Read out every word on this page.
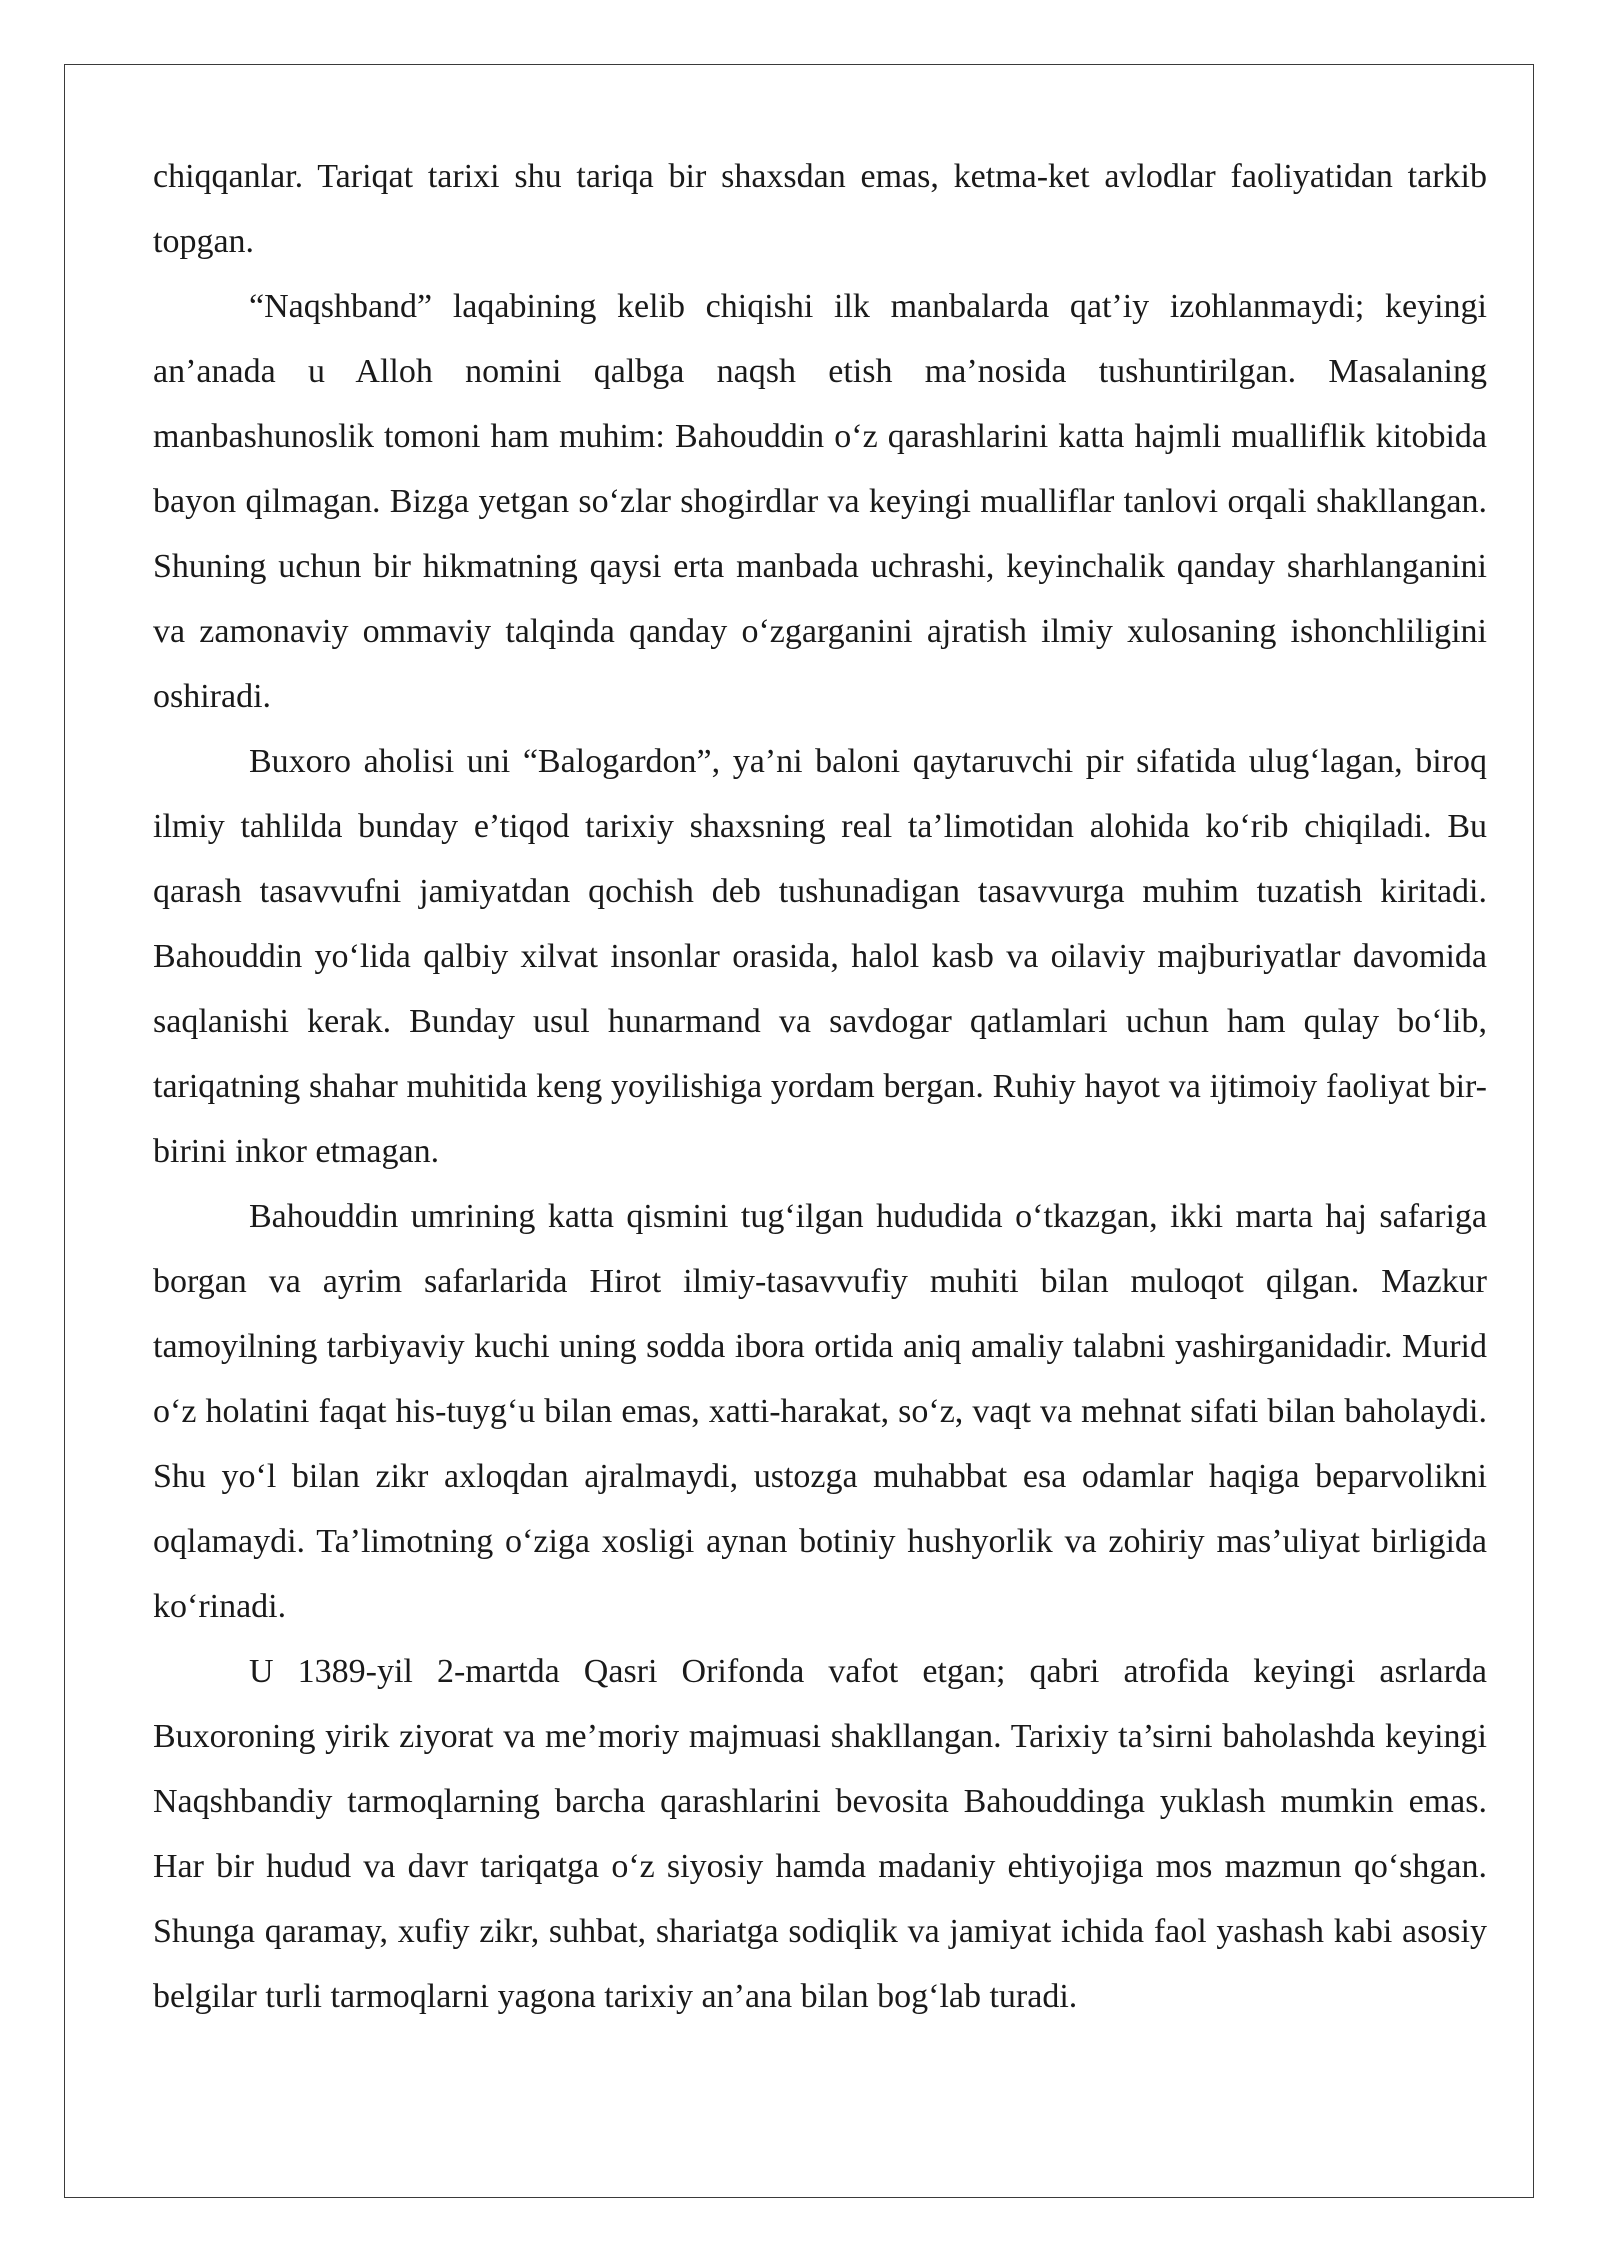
chiqqanlar. Tariqat tarixi shu tariqa bir shaxsdan emas, ketma-ket avlodlar faoliyatidan tarkib topgan.

“Naqshband” laqabining kelib chiqishi ilk manbalarda qat’iy izohlanmaydi; keyingi an’anada u Alloh nomini qalbga naqsh etish ma’nosida tushuntirilgan. Masalaning manbashunoslik tomoni ham muhim: Bahouddin o‘z qarashlarini katta hajmli mualliflik kitobida bayon qilmagan. Bizga yetgan so‘zlar shogirdlar va keyingi mualliflar tanlovi orqali shakllangan. Shuning uchun bir hikmatning qaysi erta manbada uchrashi, keyinchalik qanday sharhlanganini va zamonaviy ommaviy talqinda qanday o‘zgarganini ajratish ilmiy xulosaning ishonchliligini oshiradi.

Buxoro aholisi uni “Balogardon”, ya’ni baloni qaytaruvchi pir sifatida ulug‘lagan, biroq ilmiy tahlilda bunday e’tiqod tarixiy shaxsning real ta’limotidan alohida ko‘rib chiqiladi. Bu qarash tasavvufni jamiyatdan qochish deb tushunadigan tasavvurga muhim tuzatish kiritadi. Bahouddin yo‘lida qalbiy xilvat insonlar orasida, halol kasb va oilaviy majburiyatlar davomida saqlanishi kerak. Bunday usul hunarmand va savdogar qatlamlari uchun ham qulay bo‘lib, tariqatning shahar muhitida keng yoyilishiga yordam bergan. Ruhiy hayot va ijtimoiy faoliyat bir-birini inkor etmagan.

Bahouddin umrining katta qismini tug‘ilgan hududida o‘tkazgan, ikki marta haj safariga borgan va ayrim safarlarida Hirot ilmiy-tasavvufiy muhiti bilan muloqot qilgan. Mazkur tamoyilning tarbiyaviy kuchi uning sodda ibora ortida aniq amaliy talabni yashirganidadir. Murid o‘z holatini faqat his-tuyg‘u bilan emas, xatti-harakat, so‘z, vaqt va mehnat sifati bilan baholaydi. Shu yo‘l bilan zikr axloqdan ajralmaydi, ustozga muhabbat esa odamlar haqiga beparvolikni oqlamaydi. Ta’limotning o‘ziga xosligi aynan botiniy hushyorlik va zohiriy mas’uliyat birligida ko‘rinadi.

U 1389-yil 2-martda Qasri Orifonda vafot etgan; qabri atrofida keyingi asrlarda Buxoroning yirik ziyorat va me’moriy majmuasi shakllangan. Tarixiy ta’sirni baholashda keyingi Naqshbandiy tarmoqlarning barcha qarashlarini bevosita Bahouddinga yuklash mumkin emas. Har bir hudud va davr tariqatga o‘z siyosiy hamda madaniy ehtiyojiga mos mazmun qo‘shgan. Shunga qaramay, xufiy zikr, suhbat, shariatga sodiqlik va jamiyat ichida faol yashash kabi asosiy belgilar turli tarmoqlarni yagona tarixiy an’ana bilan bog‘lab turadi.
